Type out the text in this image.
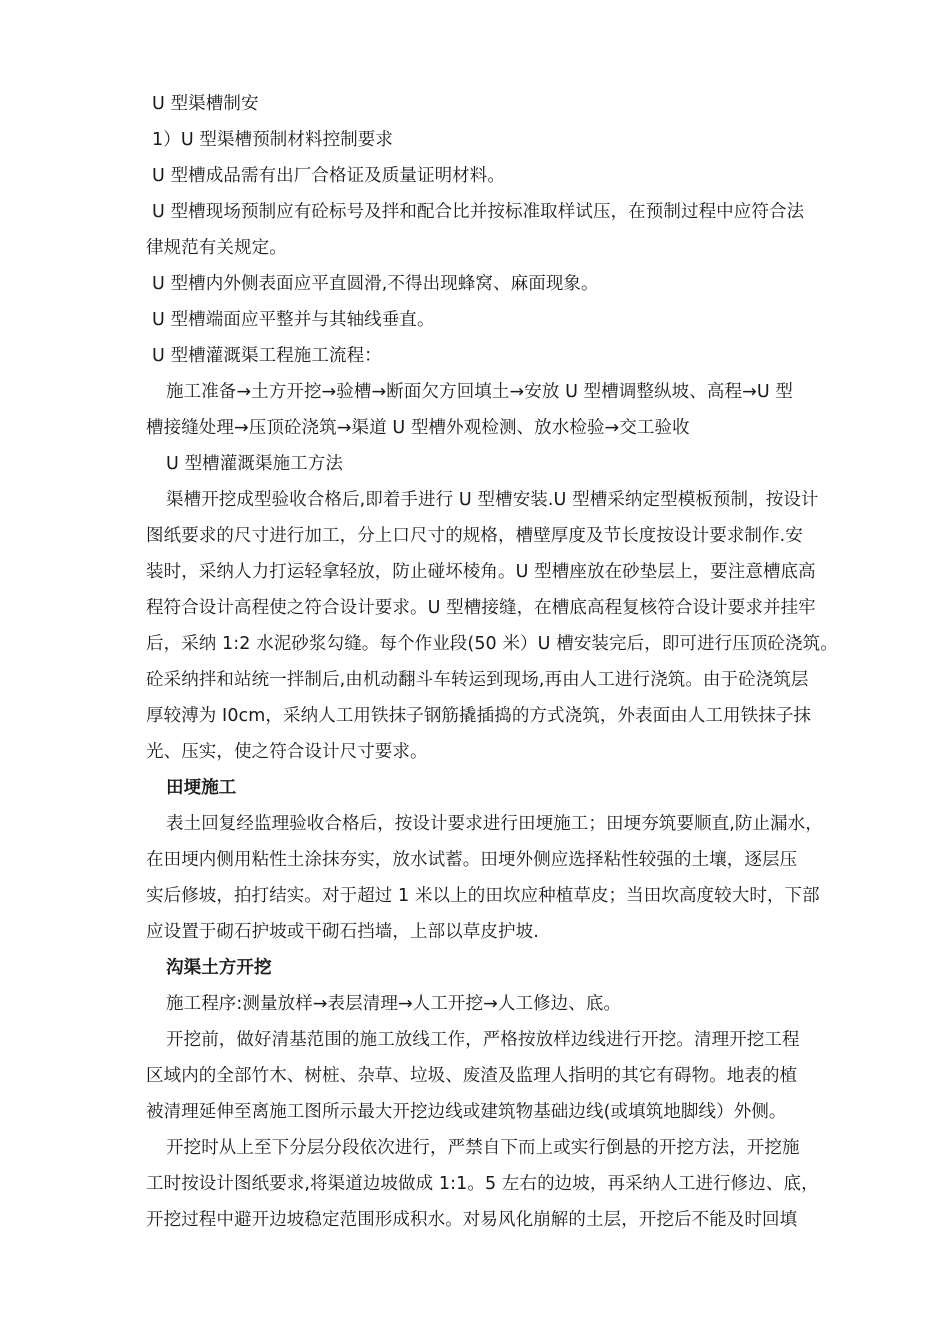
U 型渠槽制安
1）U 型渠槽预制材料控制要求
U 型槽成品需有出厂合格证及质量证明材料。
U 型槽现场预制应有砼标号及拌和配合比并按标准取样试压，在预制过程中应符合法
律规范有关规定。
U 型槽内外侧表面应平直圆滑,不得出现蜂窝、麻面现象。
U 型槽端面应平整并与其轴线垂直。
U 型槽灌溉渠工程施工流程：
施工准备→土方开挖→验槽→断面欠方回填土→安放 U 型槽调整纵坡、高程→U 型
槽接缝处理→压顶砼浇筑→渠道 U 型槽外观检测、放水检验→交工验收
U 型槽灌溉渠施工方法
渠槽开挖成型验收合格后,即着手进行 U 型槽安装.U 型槽采纳定型模板预制，按设计
图纸要求的尺寸进行加工，分上口尺寸的规格，槽壁厚度及节长度按设计要求制作.安
装时，采纳人力打运轻拿轻放，防止碰坏棱角。U 型槽座放在砂垫层上，要注意槽底高
程符合设计高程使之符合设计要求。U 型槽接缝，在槽底高程复核符合设计要求并挂牢
后，采纳 1:2 水泥砂浆勾缝。每个作业段(50 米）U 槽安装完后，即可进行压顶砼浇筑。
砼采纳拌和站统一拌制后,由机动翻斗车转运到现场,再由人工进行浇筑。由于砼浇筑层
厚较溥为 I0cm，采纳人工用铁抹子钢筋撬插捣的方式浇筑，外表面由人工用铁抹子抹
光、压实，使之符合设计尺寸要求。
田埂施工
表土回复经监理验收合格后，按设计要求进行田埂施工；田埂夯筑要顺直,防止漏水，
在田埂内侧用粘性土涂抹夯实，放水试蓄。田埂外侧应选择粘性较强的土壤，逐层压
实后修坡，拍打结实。对于超过 1 米以上的田坎应种植草皮；当田坎高度较大时，下部
应设置于砌石护坡或干砌石挡墙，上部以草皮护坡.
沟渠土方开挖
施工程序:测量放样→表层清理→人工开挖→人工修边、底。
开挖前，做好清基范围的施工放线工作，严格按放样边线进行开挖。清理开挖工程
区域内的全部竹木、树桩、杂草、垃圾、废渣及监理人指明的其它有碍物。地表的植
被清理延伸至离施工图所示最大开挖边线或建筑物基础边线(或填筑地脚线）外侧。
开挖时从上至下分层分段依次进行，严禁自下而上或实行倒悬的开挖方法，开挖施
工时按设计图纸要求,将渠道边坡做成 1:1。5 左右的边坡，再采纳人工进行修边、底，
开挖过程中避开边坡稳定范围形成积水。对易风化崩解的土层，开挖后不能及时回填
